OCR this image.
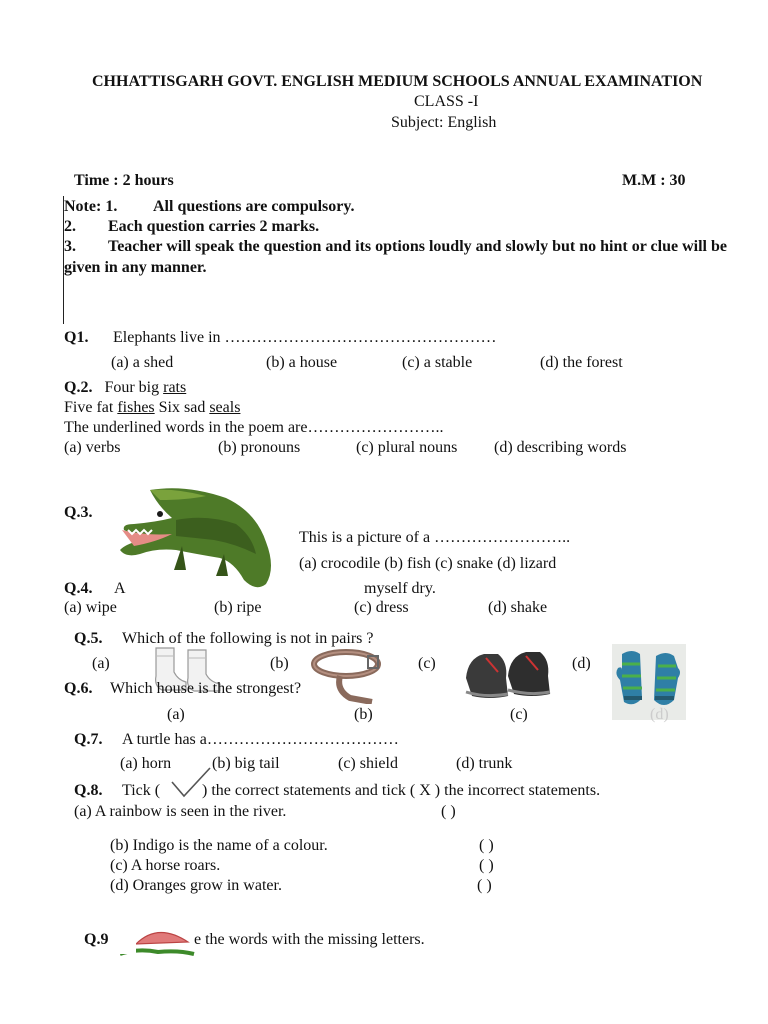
CHHATTISGARH GOVT. ENGLISH MEDIUM SCHOOLS ANNUAL EXAMINATION
CLASS -I
Subject: English
Time : 2 hours	M.M : 30
Note: 1. All questions are compulsory.
2. Each question carries 2 marks.
3. Teacher will speak the question and its options loudly and slowly but no hint or clue will be
given in any manner.
Q1. Elephants live in ……………………………………………
(a) a shed	(b) a house	(c) a stable	(d) the forest
Q.2. Four big rats
Five fat fishes Six sad seals
The underlined words in the poem are……………………..
(a) verbs	(b) pronouns	(c) plural nouns (d) describing words
Q.3.
This is a picture of a ……………………..
(a) crocodile (b) fish (c) snake (d) lizard
Q.4. A	myself dry.
(a) wipe	(b) ripe	(c) dress	(d) shake
Q.5. Which of the following is not in pairs ?
(a)	(b)	(c)	(d)
Q.6. Which house is the strongest?
(a)	(b)	(c)	(d)
Q.7. A turtle has a………………………………
(a) horn	(b) big tail	(c) shield	(d) trunk
Q.8. Tick (	) the correct statements and tick ( X ) the incorrect statements.
(a) A rainbow is seen in the river.	( )
(b) Indigo is the name of a colour.	( )
(c) A horse roars.	( )
(d) Oranges grow in water.	( )
Q.9	e the words with the missing letters.
